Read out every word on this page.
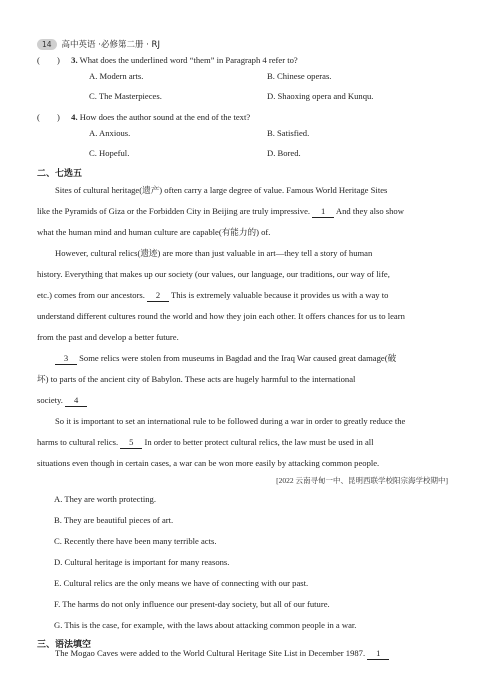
14	高中英语 ·必修第二册 · RJ
(　　) 3. What does the underlined word “them” in Paragraph 4 refer to?
A. Modern arts.	B. Chinese operas.
C. The Masterpieces.	D. Shaoxing opera and Kunqu.
(　　) 4. How does the author sound at the end of the text?
A. Anxious.	B. Satisfied.
C. Hopeful.	D. Bored.
二、七选五
Sites of cultural heritage(遗产) often carry a large degree of value. Famous World Heritage Sites
like the Pyramids of Giza or the Forbidden City in Beijing are truly impressive. 1 And they also show
what the human mind and human culture are capable(有能力的) of.
However, cultural relics(遗迹) are more than just valuable in art—they tell a story of human
history. Everything that makes up our society (our values, our language, our traditions, our way of life,
etc.) comes from our ancestors. 2 This is extremely valuable because it provides us with a way to
understand different cultures round the world and how they join each other. It offers chances for us to learn
from the past and develop a better future.
3 Some relics were stolen from museums in Bagdad and the Iraq War caused great damage(破
坏) to parts of the ancient city of Babylon. These acts are hugely harmful to the international
society. 4
So it is important to set an international rule to be followed during a war in order to greatly reduce the
harms to cultural relics. 5 In order to better protect cultural relics, the law must be used in all
situations even though in certain cases, a war can be won more easily by attacking common people.
[2022 云南寻甸一中、昆明西联学校阳宗海学校期中]
A. They are worth protecting.
B. They are beautiful pieces of art.
C. Recently there have been many terrible acts.
D. Cultural heritage is important for many reasons.
E. Cultural relics are the only means we have of connecting with our past.
F. The harms do not only influence our present-day society, but all of our future.
G. This is the case, for example, with the laws about attacking common people in a war.
三、语法填空
The Mogao Caves were added to the World Cultural Heritage Site List in December 1987. 1
